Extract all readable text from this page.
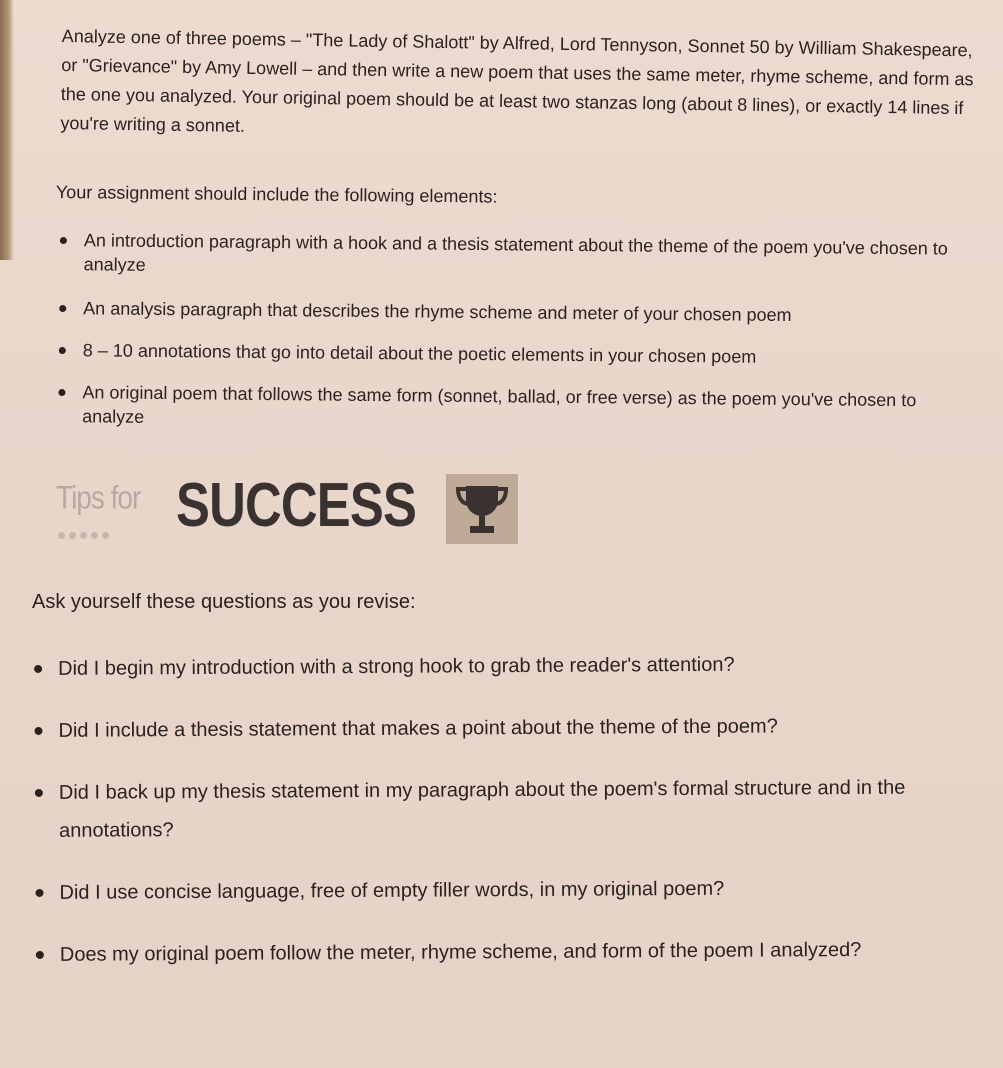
Analyze one of three poems – "The Lady of Shalott" by Alfred, Lord Tennyson, Sonnet 50 by William Shakespeare, or "Grievance" by Amy Lowell – and then write a new poem that uses the same meter, rhyme scheme, and form as the one you analyzed. Your original poem should be at least two stanzas long (about 8 lines), or exactly 14 lines if you're writing a sonnet.

Your assignment should include the following elements:
An introduction paragraph with a hook and a thesis statement about the theme of the poem you've chosen to analyze
An analysis paragraph that describes the rhyme scheme and meter of your chosen poem
8 – 10 annotations that go into detail about the poetic elements in your chosen poem
An original poem that follows the same form (sonnet, ballad, or free verse) as the poem you've chosen to analyze
Tips for SUCCESS
Ask yourself these questions as you revise:
Did I begin my introduction with a strong hook to grab the reader's attention?
Did I include a thesis statement that makes a point about the theme of the poem?
Did I back up my thesis statement in my paragraph about the poem's formal structure and in the annotations?
Did I use concise language, free of empty filler words, in my original poem?
Does my original poem follow the meter, rhyme scheme, and form of the poem I analyzed?
